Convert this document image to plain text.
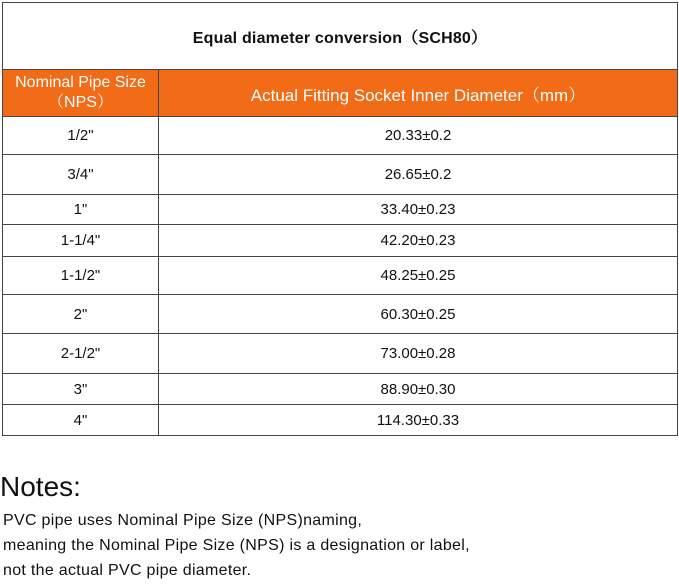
Equal diameter conversion（SCH80）	

Nominal Pipe Size
（NPS）	Actual Fitting Socket Inner Diameter（mm）
1/2"	20.33±0.2
3/4"	26.65±0.2
1"	33.40±0.23
1-1/4"	42.20±0.23
1-1/2"	48.25±0.25
2"	60.30±0.25
2-1/2"	73.00±0.28
3"	88.90±0.30
4"	114.30±0.33
Notes:
PVC pipe uses Nominal Pipe Size (NPS)naming,
meaning the Nominal Pipe Size (NPS) is a designation or label,
not the actual PVC pipe diameter.
